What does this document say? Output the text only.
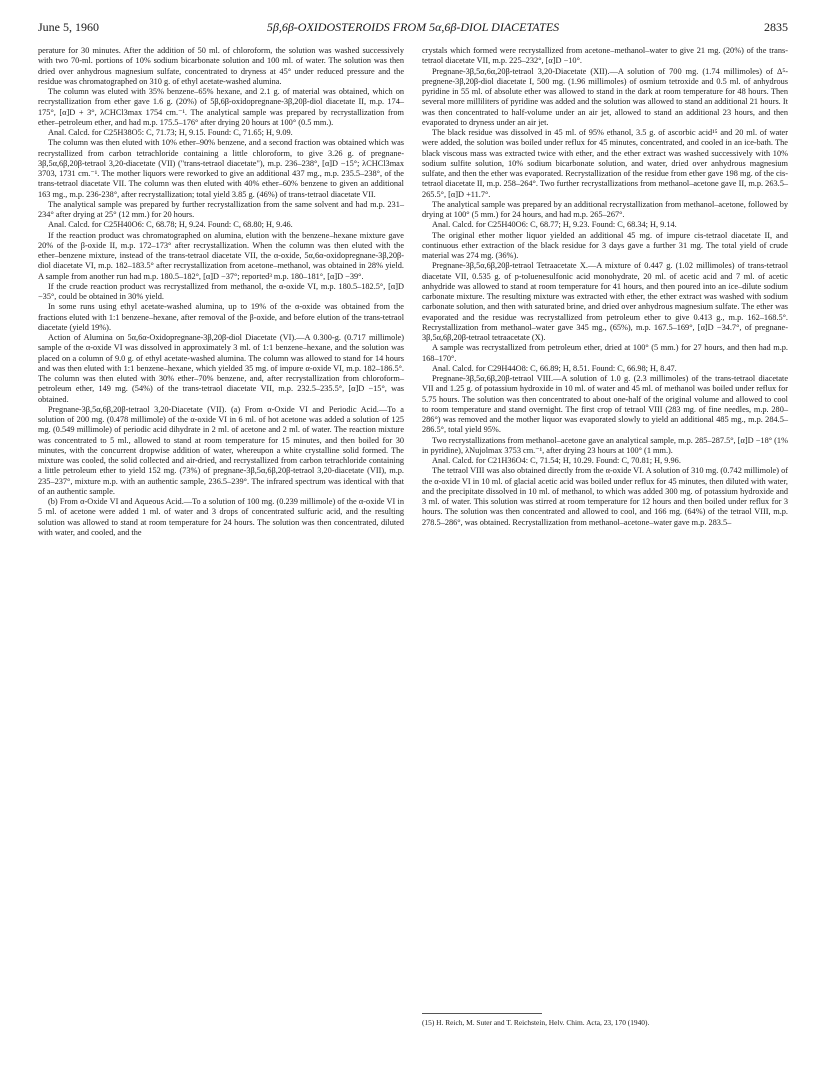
June 5, 1960	5β,6β-OXIDOSTEROIDS FROM 5α,6β-DIOL DIACETATES	2835

perature for 30 minutes. After the addition of 50 ml. of chloroform, the solution was washed successively with two 70-ml. portions of 10% sodium bicarbonate solution and 100 ml. of water. The solution was then dried over anhydrous magnesium sulfate, concentrated to dryness at 45° under reduced pressure and the residue was chromatographed on 310 g. of ethyl acetate-washed alumina.

The column was eluted with 35% benzene–65% hexane, and 2.1 g. of material was obtained, which on recrystallization from ether gave 1.6 g. (20%) of 5β,6β-oxidopregnane-3β,20β-diol diacetate II, m.p. 174–175°, [α]D + 3°, λCHCl3max 1754 cm.⁻¹. The analytical sample was prepared by recrystallization from ether–petroleum ether, and had m.p. 175.5–176° after drying 20 hours at 100° (0.5 mm.).

Anal. Calcd. for C25H38O5: C, 71.73; H, 9.15. Found: C, 71.65; H, 9.09.

The column was then eluted with 10% ether–90% benzene, and a second fraction was obtained which was recrystallized from carbon tetrachloride containing a little chloroform, to give 3.26 g. of pregnane-3β,5α,6β,20β-tetraol 3,20-diacetate (VII) ("trans-tetraol diacetate"), m.p. 236–238°, [α]D −15°; λCHCl3max 3703, 1731 cm.⁻¹. The mother liquors were reworked to give an additional 437 mg., m.p. 235.5–238°, of the trans-tetraol diacetate VII. The column was then eluted with 40% ether–60% benzene to given an additional 163 mg., m.p. 236-238°, after recrystallization; total yield 3.85 g. (46%) of trans-tetraol diacetate VII.

The analytical sample was prepared by further recrystallization from the same solvent and had m.p. 231–234° after drying at 25° (12 mm.) for 20 hours.

Anal. Calcd. for C25H40O6: C, 68.78; H, 9.24. Found: C, 68.80; H, 9.46.

If the reaction product was chromatographed on alumina, elution with the benzene–hexane mixture gave 20% of the β-oxide II, m.p. 172–173° after recrystallization. When the column was then eluted with the ether–benzene mixture, instead of the trans-tetraol diacetate VII, the α-oxide, 5α,6α-oxidopregnane-3β,20β-diol diacetate VI, m.p. 182–183.5° after recrystallization from acetone–methanol, was obtained in 28% yield. A sample from another run had m.p. 180.5–182°, [α]D −37°; reported³ m.p. 180–181°, [α]D −39°.

If the crude reaction product was recrystallized from methanol, the α-oxide VI, m.p. 180.5–182.5°, [α]D −35°, could be obtained in 30% yield.

In some runs using ethyl acetate-washed alumina, up to 19% of the α-oxide was obtained from the fractions eluted with 1:1 benzene–hexane, after removal of the β-oxide, and before elution of the trans-tetraol diacetate (yield 19%).

Action of Alumina on 5α,6α-Oxidopregnane-3β,20β-diol Diacetate (VI).—A 0.300-g. (0.717 millimole) sample of the α-oxide VI was dissolved in approximately 3 ml. of 1:1 benzene–hexane, and the solution was placed on a column of 9.0 g. of ethyl acetate-washed alumina. The column was allowed to stand for 14 hours and was then eluted with 1:1 benzene–hexane, which yielded 35 mg. of impure α-oxide VI, m.p. 182–186.5°. The column was then eluted with 30% ether–70% benzene, and, after recrystallization from chloroform–petroleum ether, 149 mg. (54%) of the trans-tetraol diacetate VII, m.p. 232.5–235.5°, [α]D −15°, was obtained.

Pregnane-3β,5α,6β,20β-tetraol 3,20-Diacetate (VII). (a) From α-Oxide VI and Periodic Acid.—To a solution of 200 mg. (0.478 millimole) of the α-oxide VI in 6 ml. of hot acetone was added a solution of 125 mg. (0.549 millimole) of periodic acid dihydrate in 2 ml. of acetone and 2 ml. of water. The reaction mixture was concentrated to 5 ml., allowed to stand at room temperature for 15 minutes, and then boiled for 30 minutes, with the concurrent dropwise addition of water, whereupon a white crystalline solid formed. The mixture was cooled, the solid collected and air-dried, and recrystallized from carbon tetrachloride containing a little petroleum ether to yield 152 mg. (73%) of pregnane-3β,5α,6β,20β-tetraol 3,20-diacetate (VII), m.p. 235–237°, mixture m.p. with an authentic sample, 236.5–239°. The infrared spectrum was identical with that of an authentic sample.

(b) From α-Oxide VI and Aqueous Acid.—To a solution of 100 mg. (0.239 millimole) of the α-oxide VI in 5 ml. of acetone were added 1 ml. of water and 3 drops of concentrated sulfuric acid, and the resulting solution was allowed to stand at room temperature for 24 hours. The solution was then concentrated, diluted with water, and cooled, and the

crystals which formed were recrystallized from acetone–methanol–water to give 21 mg. (20%) of the trans-tetraol diacetate VII, m.p. 225–232°, [α]D −10°.

Pregnane-3β,5α,6α,20β-tetraol 3,20-Diacetate (XII).—A solution of 700 mg. (1.74 millimoles) of Δ⁵-pregnene-3β,20β-diol diacetate I, 500 mg. (1.96 millimoles) of osmium tetroxide and 0.5 ml. of anhydrous pyridine in 55 ml. of absolute ether was allowed to stand in the dark at room temperature for 48 hours. Then several more milliliters of pyridine was added and the solution was allowed to stand an additional 21 hours. It was then concentrated to half-volume under an air jet, allowed to stand an additional 23 hours, and then evaporated to dryness under an air jet.

The black residue was dissolved in 45 ml. of 95% ethanol, 3.5 g. of ascorbic acid¹⁵ and 20 ml. of water were added, the solution was boiled under reflux for 45 minutes, concentrated, and cooled in an ice-bath. The black viscous mass was extracted twice with ether, and the ether extract was washed successively with 10% sodium sulfite solution, 10% sodium bicarbonate solution, and water, dried over anhydrous magnesium sulfate, and then the ether was evaporated. Recrystallization of the residue from ether gave 198 mg. of the cis-tetraol diacetate II, m.p. 258–264°. Two further recrystallizations from methanol–acetone gave II, m.p. 263.5–265.5°, [α]D +11.7°.

The analytical sample was prepared by an additional recrystallization from methanol–acetone, followed by drying at 100° (5 mm.) for 24 hours, and had m.p. 265–267°.

Anal. Calcd. for C25H40O6: C, 68.77; H, 9.23. Found: C, 68.34; H, 9.14.

The original ether mother liquor yielded an additional 45 mg. of impure cis-tetraol diacetate II, and continuous ether extraction of the black residue for 3 days gave a further 31 mg. The total yield of crude material was 274 mg. (36%).

Pregnane-3β,5α,6β,20β-tetraol Tetraacetate X.—A mixture of 0.447 g. (1.02 millimoles) of trans-tetraol diacetate VII, 0.535 g. of p-toluenesulfonic acid monohydrate, 20 ml. of acetic acid and 7 ml. of acetic anhydride was allowed to stand at room temperature for 41 hours, and then poured into an ice–dilute sodium carbonate mixture. The resulting mixture was extracted with ether, the ether extract was washed with sodium carbonate solution, and then with saturated brine, and dried over anhydrous magnesium sulfate. The ether was evaporated and the residue was recrystallized from petroleum ether to give 0.413 g., m.p. 162–168.5°. Recrystallization from methanol–water gave 345 mg., (65%), m.p. 167.5–169°, [α]D −34.7°, of pregnane-3β,5α,6β,20β-tetraol tetraacetate (X).

A sample was recrystallized from petroleum ether, dried at 100° (5 mm.) for 27 hours, and then had m.p. 168–170°.

Anal. Calcd. for C29H44O8: C, 66.89; H, 8.51. Found: C, 66.98; H, 8.47.

Pregnane-3β,5α,6β,20β-tetraol VIII.—A solution of 1.0 g. (2.3 millimoles) of the trans-tetraol diacetate VII and 1.25 g. of potassium hydroxide in 10 ml. of water and 45 ml. of methanol was boiled under reflux for 5.75 hours. The solution was then concentrated to about one-half of the original volume and allowed to cool to room temperature and stand overnight. The first crop of tetraol VIII (283 mg. of fine needles, m.p. 280–286°) was removed and the mother liquor was evaporated slowly to yield an additional 485 mg., m.p. 284.5–286.5°, total yield 95%.

Two recrystallizations from methanol–acetone gave an analytical sample, m.p. 285–287.5°, [α]D −18° (1% in pyridine), λNujolmax 3753 cm.⁻¹, after drying 23 hours at 100° (1 mm.).

Anal. Calcd. for C21H36O4: C, 71.54; H, 10.29. Found: C, 70.81; H, 9.96.

The tetraol VIII was also obtained directly from the α-oxide VI. A solution of 310 mg. (0.742 millimole) of the α-oxide VI in 10 ml. of glacial acetic acid was boiled under reflux for 45 minutes, then diluted with water, and the precipitate dissolved in 10 ml. of methanol, to which was added 300 mg. of potassium hydroxide and 3 ml. of water. This solution was stirred at room temperature for 12 hours and then boiled under reflux for 3 hours. The solution was then concentrated and allowed to cool, and 166 mg. (64%) of the tetraol VIII, m.p. 278.5–286°, was obtained. Recrystallization from methanol–acetone–water gave m.p. 283.5–

(15) H. Reich, M. Suter and T. Reichstein, Helv. Chim. Acta, 23, 170 (1940).
